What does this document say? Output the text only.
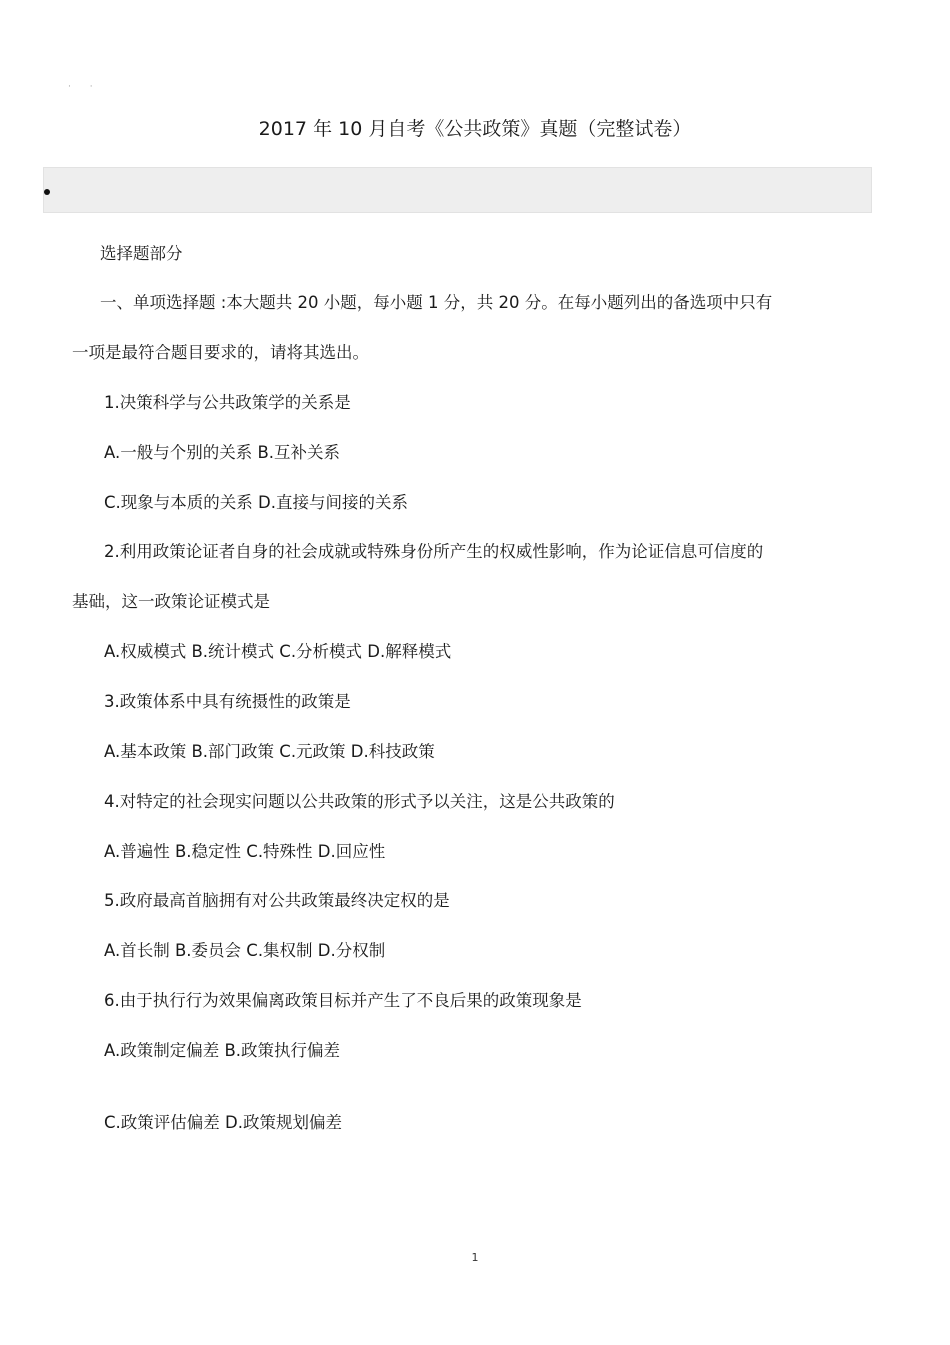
· ·
2017 年 10 月自考《公共政策》真题（完整试卷）
选择题部分
一、单项选择题 :本大题共 20 小题，每小题 1 分，共 20 分。在每小题列出的备选项中只有
一项是最符合题目要求的，请将其选出。
1.决策科学与公共政策学的关系是
A.一般与个别的关系 B.互补关系
C.现象与本质的关系 D.直接与间接的关系
2.利用政策论证者自身的社会成就或特殊身份所产生的权威性影响，作为论证信息可信度的
基础，这一政策论证模式是
A.权威模式 B.统计模式 C.分析模式 D.解释模式
3.政策体系中具有统摄性的政策是
A.基本政策 B.部门政策 C.元政策 D.科技政策
4.对特定的社会现实问题以公共政策的形式予以关注，这是公共政策的
A.普遍性 B.稳定性 C.特殊性 D.回应性
5.政府最高首脑拥有对公共政策最终决定权的是
A.首长制 B.委员会 C.集权制 D.分权制
6.由于执行行为效果偏离政策目标并产生了不良后果的政策现象是
A.政策制定偏差 B.政策执行偏差
C.政策评估偏差 D.政策规划偏差
1
